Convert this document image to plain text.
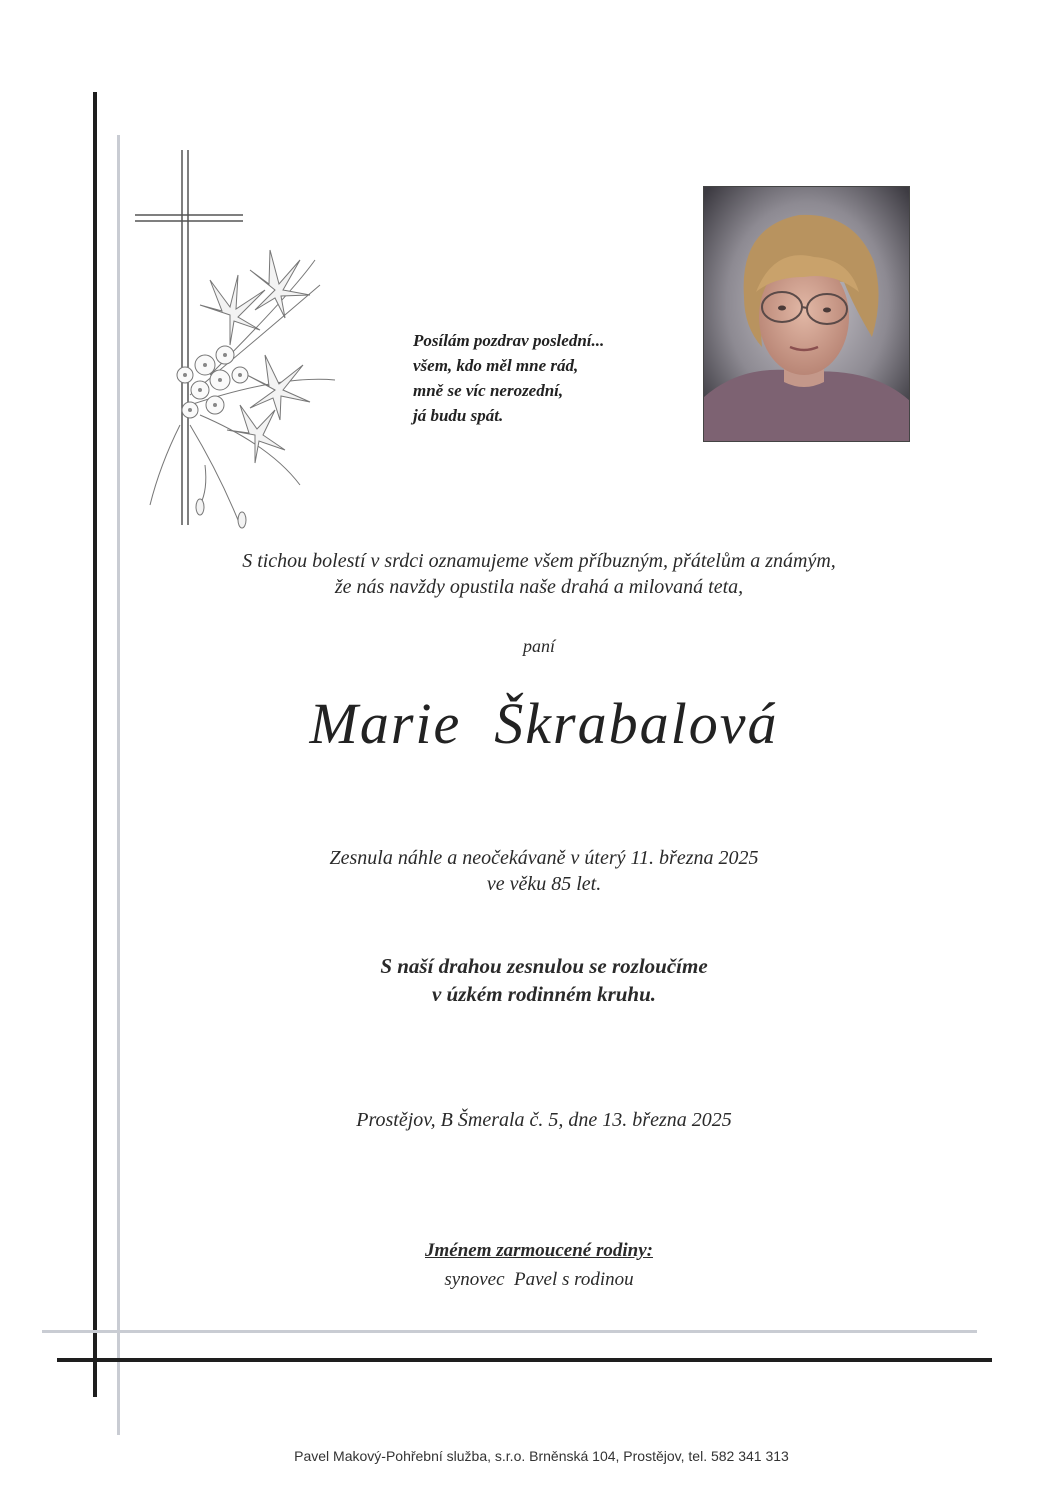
Posílám pozdrav poslední...
všem, kdo měl mne rád,
mně se víc nerozední,
já budu spát.
S tichou bolestí v srdci oznamujeme všem příbuzným, přátelům a známým,
že nás navždy opustila naše drahá a milovaná teta,
paní
Marie  Škrabalová
Zesnula náhle a neočekávaně v úterý 11. března 2025
ve věku 85 let.
S naší drahou zesnulou se rozloučíme
v úzkém rodinném kruhu.
Prostějov, B Šmerala č. 5, dne 13. března 2025
Jménem zarmoucené rodiny:
synovec  Pavel s rodinou
Pavel Makový-Pohřební služba, s.r.o. Brněnská 104, Prostějov, tel. 582 341 313
